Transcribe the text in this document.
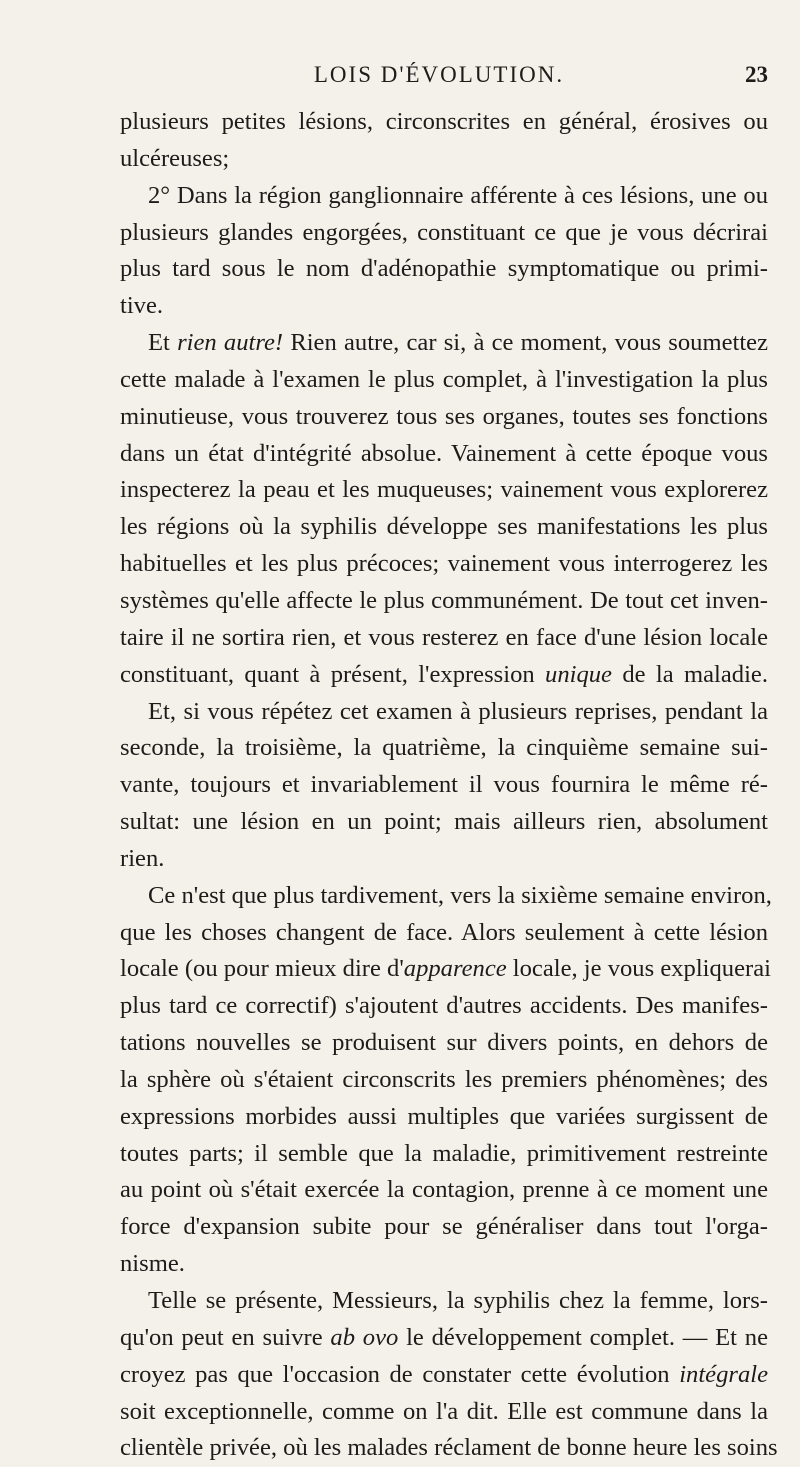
LOIS D'ÉVOLUTION.	23
plusieurs petites lésions, circonscrites en général, érosives ou
ulcéreuses;
2° Dans la région ganglionnaire afférente à ces lésions, une ou
plusieurs glandes engorgées, constituant ce que je vous décrirai
plus tard sous le nom d'adénopathie symptomatique ou primi-
tive.
Et rien autre! Rien autre, car si, à ce moment, vous soumettez
cette malade à l'examen le plus complet, à l'investigation la plus
minutieuse, vous trouverez tous ses organes, toutes ses fonctions
dans un état d'intégrité absolue. Vainement à cette époque vous
inspecterez la peau et les muqueuses; vainement vous explorerez
les régions où la syphilis développe ses manifestations les plus
habituelles et les plus précoces; vainement vous interrogerez les
systèmes qu'elle affecte le plus communément. De tout cet inven-
taire il ne sortira rien, et vous resterez en face d'une lésion locale
constituant, quant à présent, l'expression unique de la maladie.
Et, si vous répétez cet examen à plusieurs reprises, pendant la
seconde, la troisième, la quatrième, la cinquième semaine sui-
vante, toujours et invariablement il vous fournira le même ré-
sultat: une lésion en un point; mais ailleurs rien, absolument
rien.
Ce n'est que plus tardivement, vers la sixième semaine environ,
que les choses changent de face. Alors seulement à cette lésion
locale (ou pour mieux dire d'apparence locale, je vous expliquerai
plus tard ce correctif) s'ajoutent d'autres accidents. Des manifes-
tations nouvelles se produisent sur divers points, en dehors de
la sphère où s'étaient circonscrits les premiers phénomènes; des
expressions morbides aussi multiples que variées surgissent de
toutes parts; il semble que la maladie, primitivement restreinte
au point où s'était exercée la contagion, prenne à ce moment une
force d'expansion subite pour se généraliser dans tout l'orga-
nisme.
Telle se présente, Messieurs, la syphilis chez la femme, lors-
qu'on peut en suivre ab ovo le développement complet. — Et ne
croyez pas que l'occasion de constater cette évolution intégrale
soit exceptionnelle, comme on l'a dit. Elle est commune dans la
clientèle privée, où les malades réclament de bonne heure les soins
